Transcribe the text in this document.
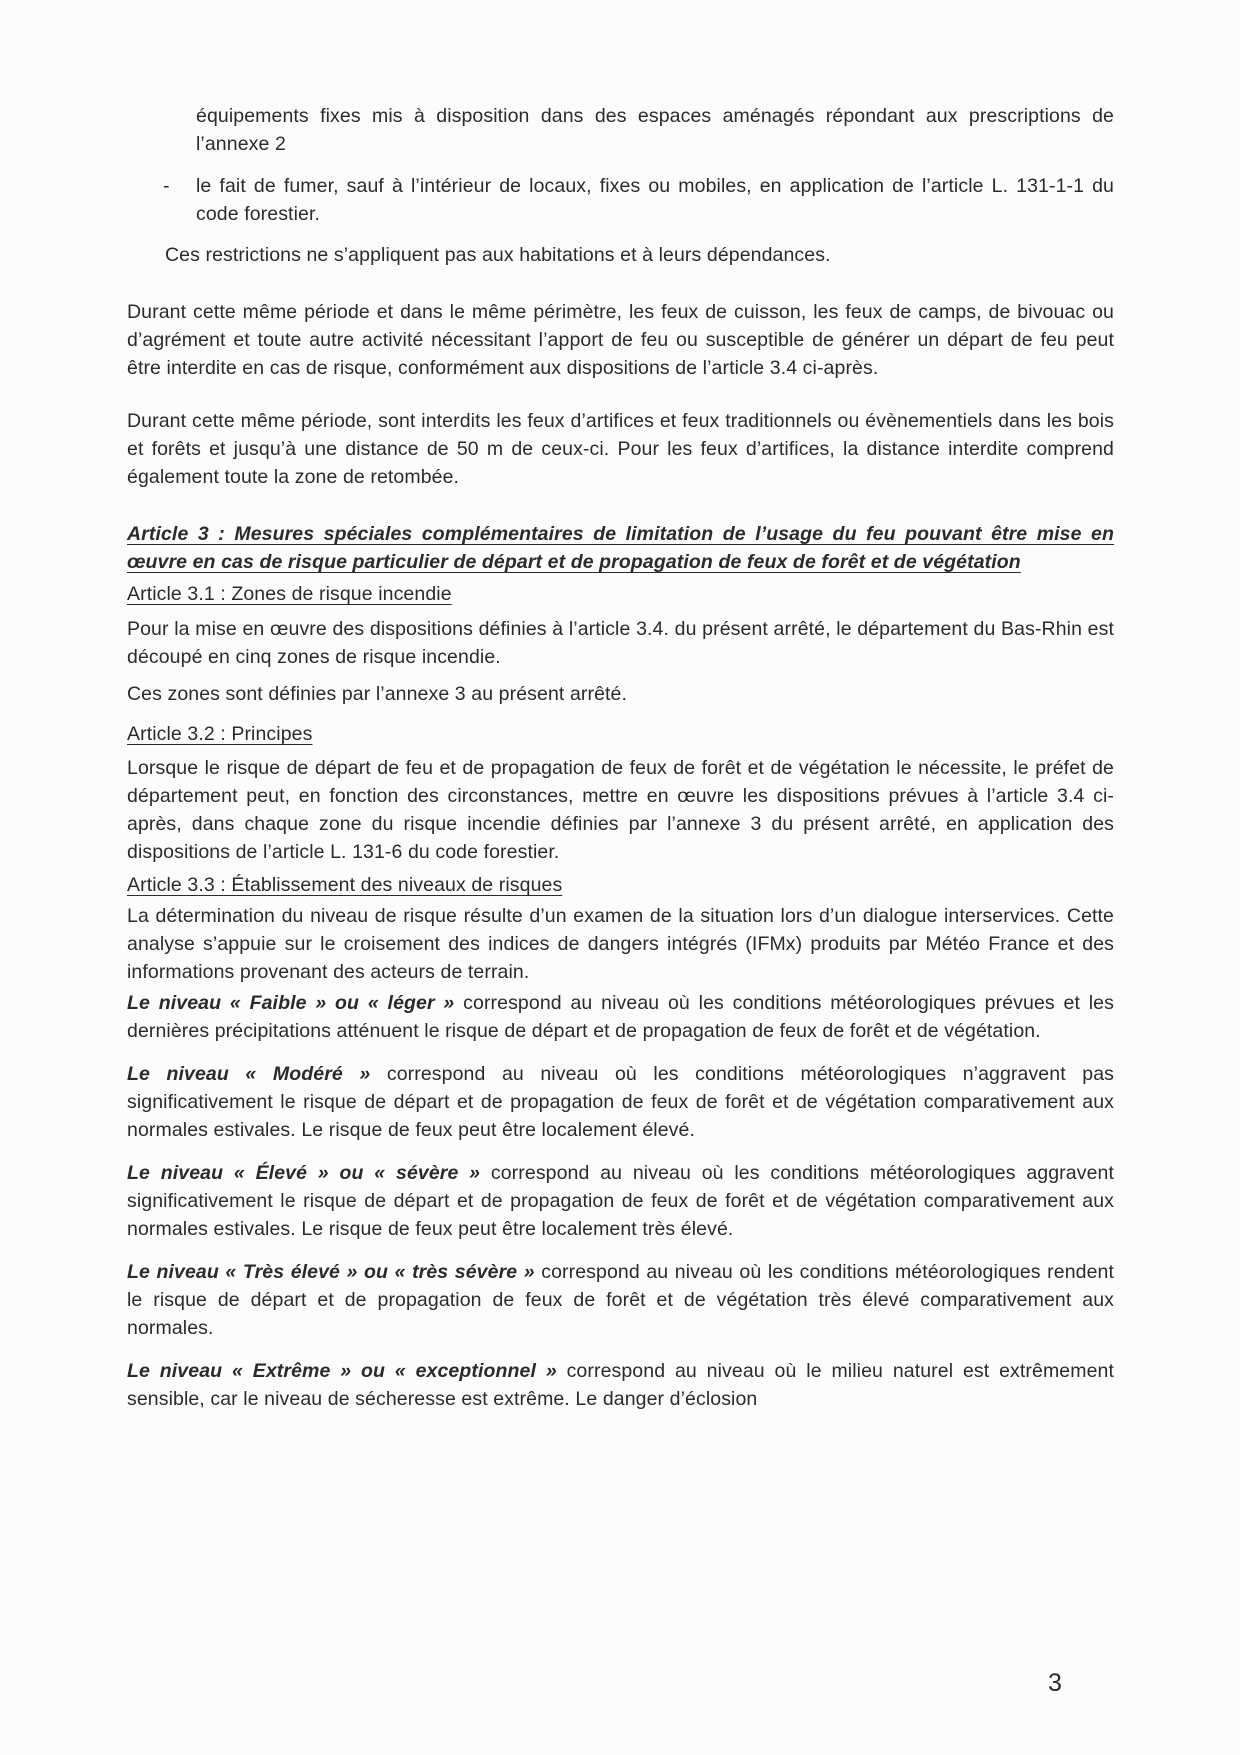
équipements fixes mis à disposition dans des espaces aménagés répondant aux prescriptions de l’annexe 2

- le fait de fumer, sauf à l’intérieur de locaux, fixes ou mobiles, en application de l’article L. 131-1-1 du code forestier.

Ces restrictions ne s’appliquent pas aux habitations et à leurs dépendances.

Durant cette même période et dans le même périmètre, les feux de cuisson, les feux de camps, de bivouac ou d’agrément et toute autre activité nécessitant l’apport de feu ou susceptible de générer un départ de feu peut être interdite en cas de risque, conformément aux dispositions de l’article 3.4 ci-après.

Durant cette même période, sont interdits les feux d’artifices et feux traditionnels ou évènementiels dans les bois et forêts et jusqu’à une distance de 50 m de ceux-ci. Pour les feux d’artifices, la distance interdite comprend également toute la zone de retombée.

Article 3 : Mesures spéciales complémentaires de limitation de l’usage du feu pouvant être mise en œuvre en cas de risque particulier de départ et de propagation de feux de forêt et de végétation

Article 3.1 : Zones de risque incendie

Pour la mise en œuvre des dispositions définies à l’article 3.4. du présent arrêté, le département du Bas-Rhin est découpé en cinq zones de risque incendie.

Ces zones sont définies par l’annexe 3 au présent arrêté.

Article 3.2 : Principes

Lorsque le risque de départ de feu et de propagation de feux de forêt et de végétation le nécessite, le préfet de département peut, en fonction des circonstances, mettre en œuvre les dispositions prévues à l’article 3.4 ci-après, dans chaque zone du risque incendie définies par l’annexe 3 du présent arrêté, en application des dispositions de l’article L. 131-6 du code forestier.

Article 3.3 : Établissement des niveaux de risques

La détermination du niveau de risque résulte d’un examen de la situation lors d’un dialogue interservices. Cette analyse s’appuie sur le croisement des indices de dangers intégrés (IFMx) produits par Météo France et des informations provenant des acteurs de terrain.

Le niveau « Faible » ou « léger » correspond au niveau où les conditions météorologiques prévues et les dernières précipitations atténuent le risque de départ et de propagation de feux de forêt et de végétation.

Le niveau « Modéré » correspond au niveau où les conditions météorologiques n’aggravent pas significativement le risque de départ et de propagation de feux de forêt et de végétation comparativement aux normales estivales. Le risque de feux peut être localement élevé.

Le niveau « Élevé » ou « sévère » correspond au niveau où les conditions météorologiques aggravent significativement le risque de départ et de propagation de feux de forêt et de végétation comparativement aux normales estivales. Le risque de feux peut être localement très élevé.

Le niveau « Très élevé » ou « très sévère » correspond au niveau où les conditions météorologiques rendent le risque de départ et de propagation de feux de forêt et de végétation très élevé comparativement aux normales.

Le niveau « Extrême » ou « exceptionnel » correspond au niveau où le milieu naturel est extrêmement sensible, car le niveau de sécheresse est extrême. Le danger d’éclosion

3
